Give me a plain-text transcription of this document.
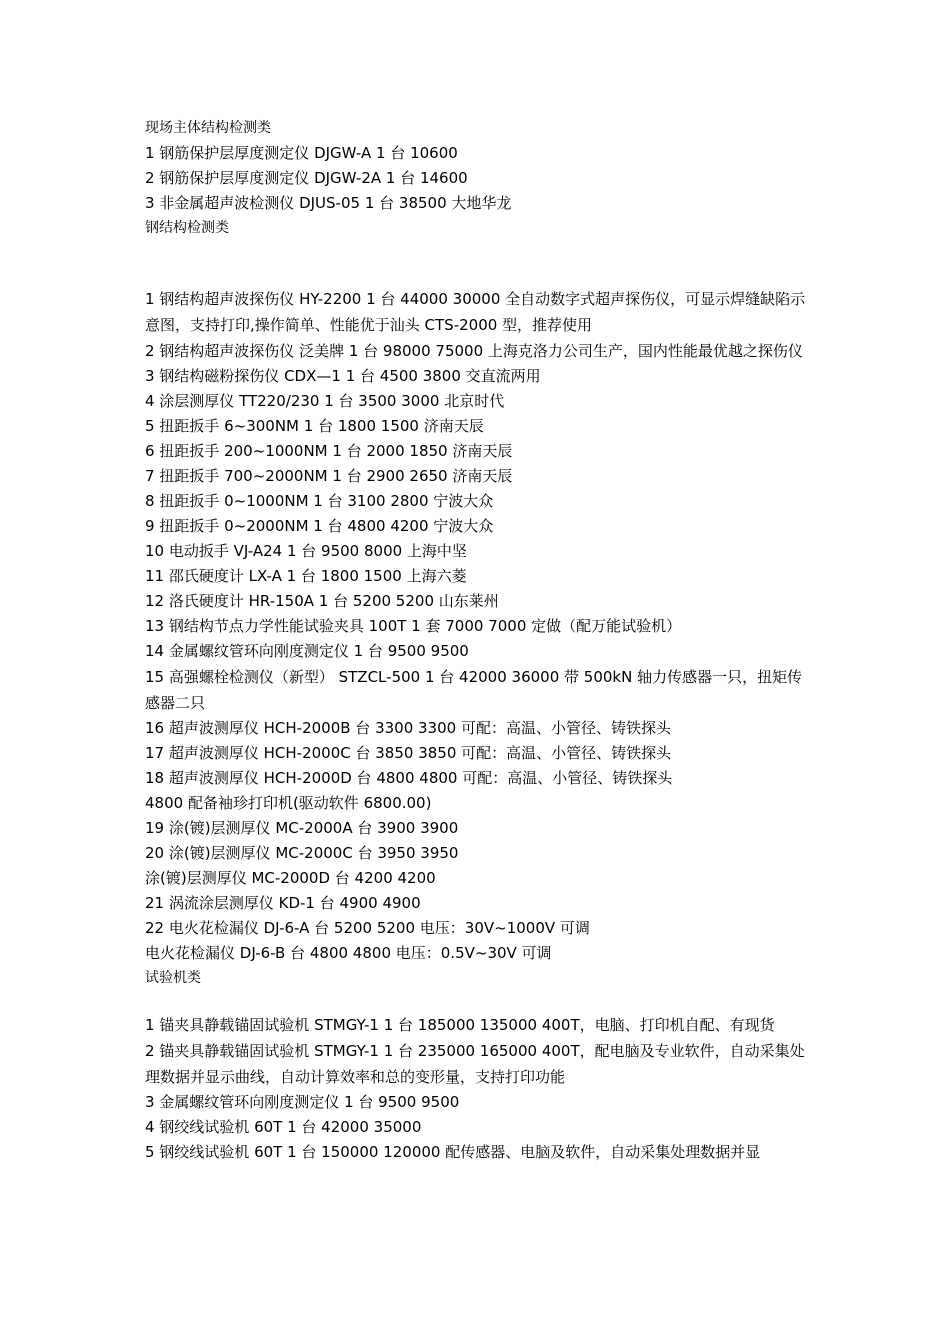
现场主体结构检测类
1 钢筋保护层厚度测定仪 DJGW-A 1 台 10600
2 钢筋保护层厚度测定仪 DJGW-2A 1 台 14600
3 非金属超声波检测仪 DJUS-05 1 台 38500 大地华龙
钢结构检测类
1 钢结构超声波探伤仪 HY-2200 1 台 44000 30000 全自动数字式超声探伤仪，可显示焊缝缺陷示意图，支持打印,操作简单、性能优于汕头 CTS-2000 型，推荐使用
2 钢结构超声波探伤仪 泛美牌 1 台 98000 75000 上海克洛力公司生产，国内性能最优越之探伤仪
3 钢结构磁粉探伤仪 CDX—1 1 台 4500 3800 交直流两用
4 涂层测厚仪 TT220/230 1 台 3500 3000 北京时代
5 扭距扳手 6~300NM 1 台 1800 1500 济南天辰
6 扭距扳手 200~1000NM 1 台 2000 1850 济南天辰
7 扭距扳手 700~2000NM 1 台 2900 2650 济南天辰
8 扭距扳手 0~1000NM 1 台 3100 2800 宁波大众
9 扭距扳手 0~2000NM 1 台 4800 4200 宁波大众
10 电动扳手 VJ-A24 1 台 9500 8000 上海中坚
11 邵氏硬度计 LX-A 1 台 1800 1500 上海六菱
12 洛氏硬度计 HR-150A 1 台 5200 5200 山东莱州
13 钢结构节点力学性能试验夹具 100T 1 套 7000 7000 定做（配万能试验机）
14 金属螺纹管环向刚度测定仪 1 台 9500 9500
15 高强螺栓检测仪（新型） STZCL-500 1 台 42000 36000 带 500kN 轴力传感器一只，扭矩传感器二只
16 超声波测厚仪 HCH-2000B 台 3300 3300 可配：高温、小管径、铸铁探头
17 超声波测厚仪 HCH-2000C 台 3850 3850 可配：高温、小管径、铸铁探头
18 超声波测厚仪 HCH-2000D 台 4800 4800 可配：高温、小管径、铸铁探头
4800 配备袖珍打印机(驱动软件 6800.00)
19 涂(镀)层测厚仪 MC-2000A 台 3900 3900
20 涂(镀)层测厚仪 MC-2000C 台 3950 3950
涂(镀)层测厚仪 MC-2000D 台 4200 4200
21 涡流涂层测厚仪 KD-1 台 4900 4900
22 电火花检漏仪 DJ-6-A 台 5200 5200 电压：30V~1000V 可调
电火花检漏仪 DJ-6-B 台 4800 4800 电压：0.5V~30V 可调
试验机类
1 锚夹具静载锚固试验机 STMGY-1 1 台 185000 135000 400T，电脑、打印机自配、有现货
2 锚夹具静载锚固试验机 STMGY-1 1 台 235000 165000 400T，配电脑及专业软件，自动采集处理数据并显示曲线，自动计算效率和总的变形量，支持打印功能
3 金属螺纹管环向刚度测定仪 1 台 9500 9500
4 钢绞线试验机 60T 1 台 42000 35000
5 钢绞线试验机 60T 1 台 150000 120000 配传感器、电脑及软件，自动采集处理数据并显
